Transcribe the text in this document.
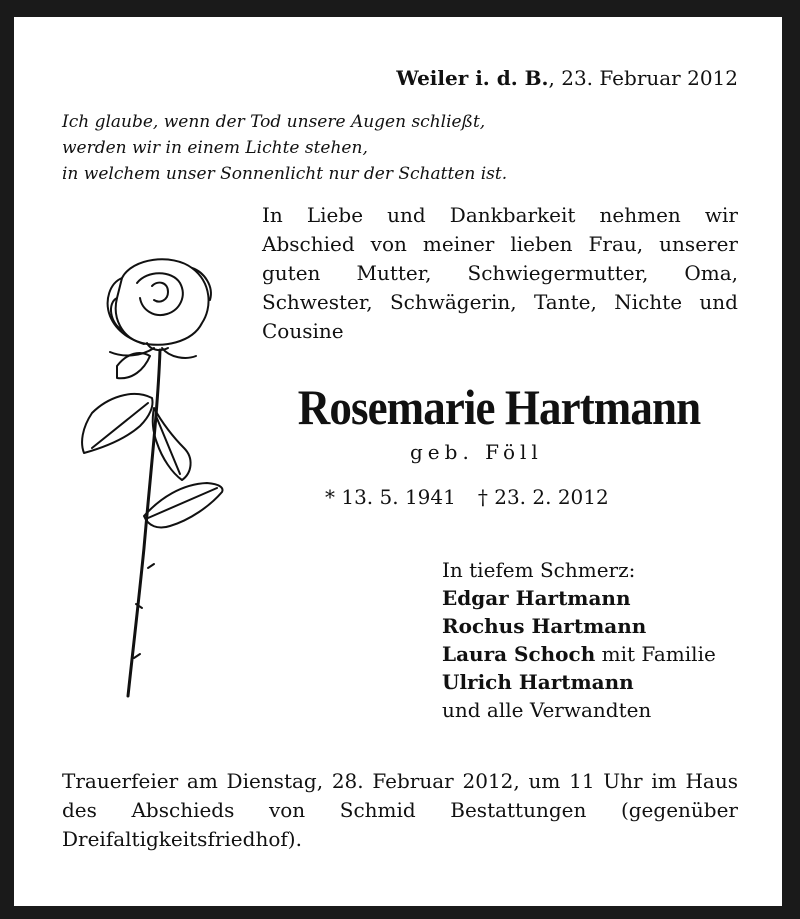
Weiler i. d. B., 23. Februar 2012
Ich glaube, wenn der Tod unsere Augen schließt,
werden wir in einem Lichte stehen,
in welchem unser Sonnenlicht nur der Schatten ist.
In Liebe und Dankbarkeit nehmen wir Abschied von meiner lieben Frau, unserer guten Mutter, Schwiegermutter, Oma, Schwester, Schwägerin, Tante, Nichte und Cousine
Rosemarie Hartmann
geb. Föll
* 13. 5. 1941 † 23. 2. 2012
In tiefem Schmerz:
Edgar Hartmann
Rochus Hartmann
Laura Schoch mit Familie
Ulrich Hartmann
und alle Verwandten
Trauerfeier am Dienstag, 28. Februar 2012, um 11 Uhr im Haus des Abschieds von Schmid Bestattungen (gegenüber Dreifaltigkeitsfriedhof).
